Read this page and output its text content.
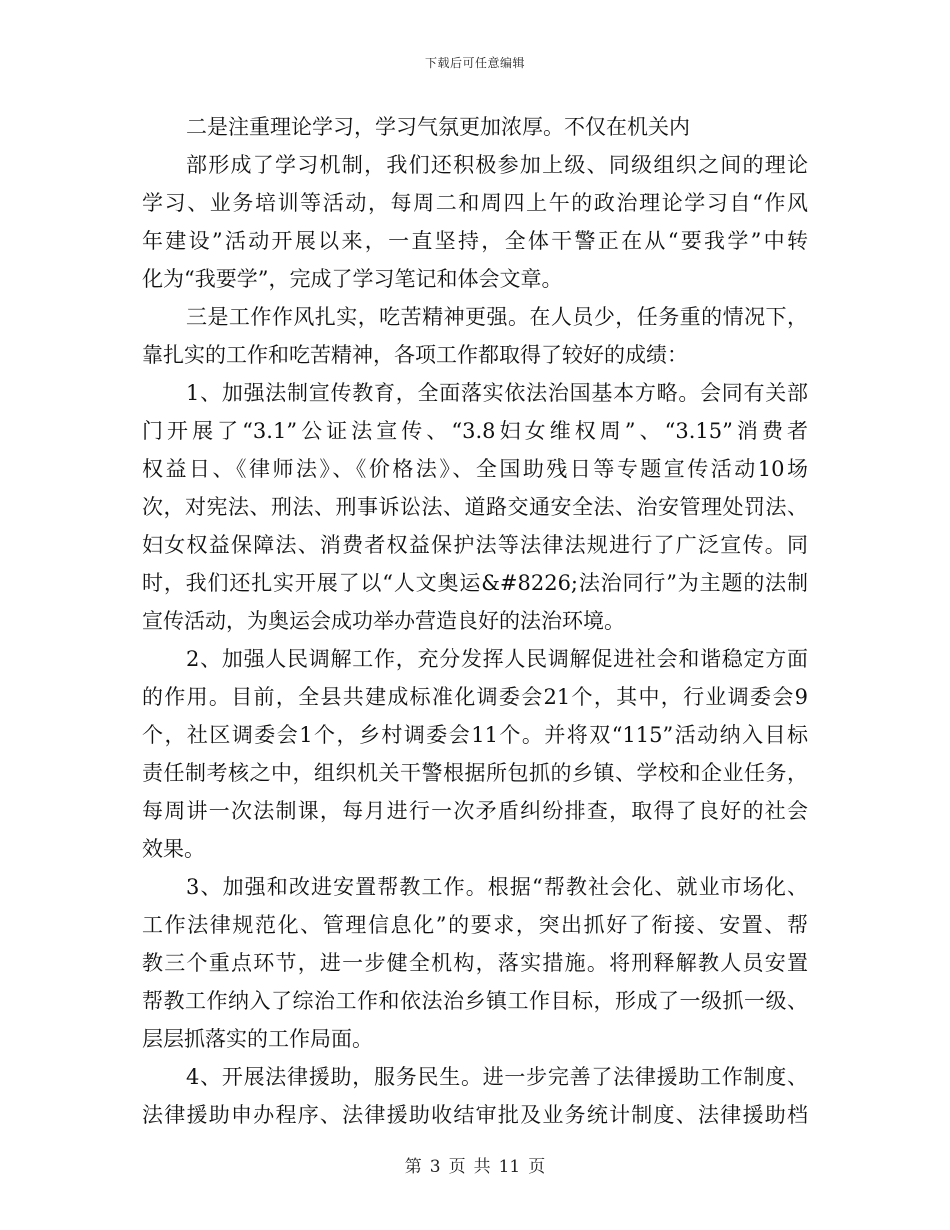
下载后可任意编辑
二是注重理论学习，学习气氛更加浓厚。不仅在机关内
部形成了学习机制，我们还积极参加上级、同级组织之间的理论
学习、业务培训等活动，每周二和周四上午的政治理论学习自“作风
年建设”活动开展以来，一直坚持，全体干警正在从“要我学”中转
化为“我要学”，完成了学习笔记和体会文章。
三是工作作风扎实，吃苦精神更强。在人员少，任务重的情况下，
靠扎实的工作和吃苦精神，各项工作都取得了较好的成绩：
1、加强法制宣传教育，全面落实依法治国基本方略。会同有关部
门开展了“3.1”公证法宣传、“3.8妇女维权周”、“3.15”消费者
权益日、《律师法》、《价格法》、全国助残日等专题宣传活动10场
次，对宪法、刑法、刑事诉讼法、道路交通安全法、治安管理处罚法、
妇女权益保障法、消费者权益保护法等法律法规进行了广泛宣传。同
时，我们还扎实开展了以“人文奥运&#8226;法治同行”为主题的法制
宣传活动，为奥运会成功举办营造良好的法治环境。
2、加强人民调解工作，充分发挥人民调解促进社会和谐稳定方面
的作用。目前，全县共建成标准化调委会21个，其中，行业调委会9
个，社区调委会1个，乡村调委会11个。并将双“115”活动纳入目标
责任制考核之中，组织机关干警根据所包抓的乡镇、学校和企业任务，
每周讲一次法制课，每月进行一次矛盾纠纷排查，取得了良好的社会
效果。
3、加强和改进安置帮教工作。根据“帮教社会化、就业市场化、
工作法律规范化、管理信息化”的要求，突出抓好了衔接、安置、帮
教三个重点环节，进一步健全机构，落实措施。将刑释解教人员安置
帮教工作纳入了综治工作和依法治乡镇工作目标，形成了一级抓一级、
层层抓落实的工作局面。
4、开展法律援助，服务民生。进一步完善了法律援助工作制度、
法律援助申办程序、法律援助收结审批及业务统计制度、法律援助档
第 3 页 共 11 页
